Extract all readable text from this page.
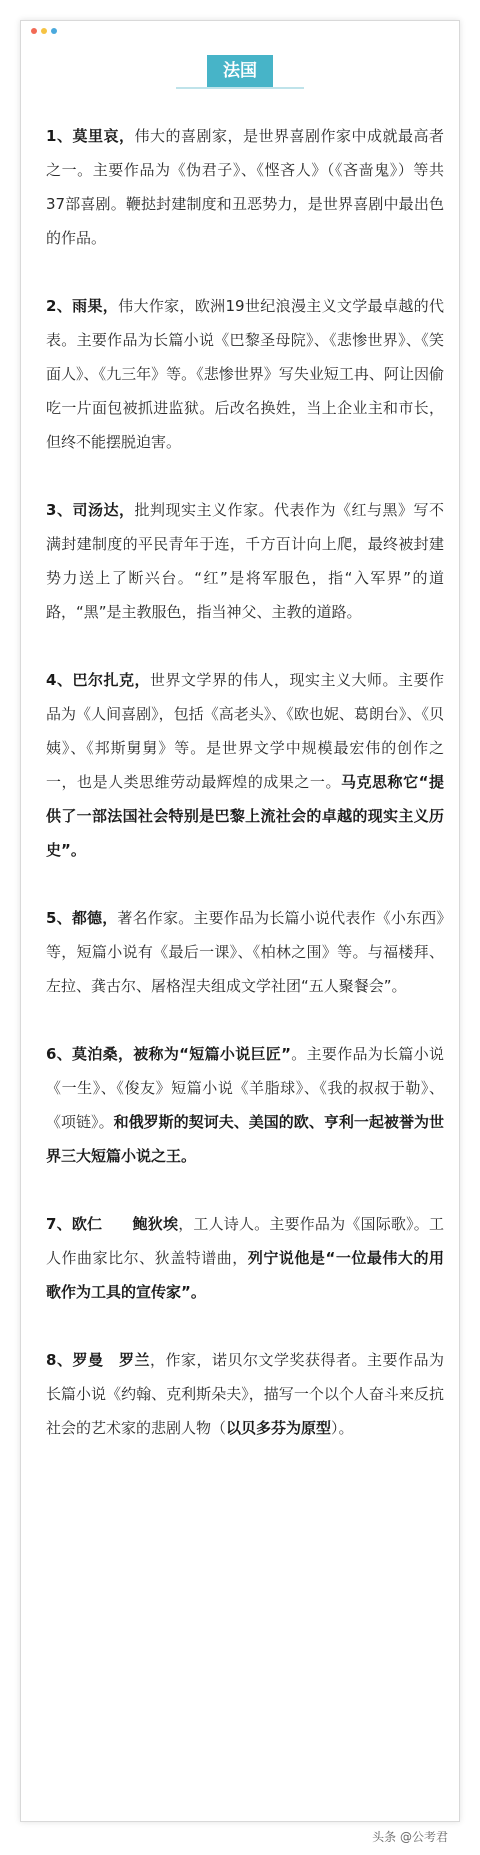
法国

1、莫里哀，伟大的喜剧家，是世界喜剧作家中成就最高者之一。主要作品为《伪君子》、《悭吝人》（《吝啬鬼》）等共37部喜剧。鞭挞封建制度和丑恶势力，是世界喜剧中最出色的作品。

2、雨果，伟大作家，欧洲19世纪浪漫主义文学最卓越的代表。主要作品为长篇小说《巴黎圣母院》、《悲惨世界》、《笑面人》、《九三年》等。《悲惨世界》写失业短工冉、阿让因偷吃一片面包被抓进监狱。后改名换姓，当上企业主和市长，但终不能摆脱迫害。

3、司汤达，批判现实主义作家。代表作为《红与黑》写不满封建制度的平民青年于连，千方百计向上爬，最终被封建势力送上了断兴台。“红”是将军服色，指“入军界”的道路，“黑”是主教服色，指当神父、主教的道路。

4、巴尔扎克，世界文学界的伟人，现实主义大师。主要作品为《人间喜剧》，包括《高老头》、《欧也妮、葛朗台》、《贝姨》、《邦斯舅舅》等。是世界文学中规模最宏伟的创作之一，也是人类思维劳动最辉煌的成果之一。马克思称它“提供了一部法国社会特别是巴黎上流社会的卓越的现实主义历史”。

5、都德，著名作家。主要作品为长篇小说代表作《小东西》等，短篇小说有《最后一课》、《柏林之围》等。与福楼拜、左拉、龚古尔、屠格涅夫组成文学社团“五人聚餐会”。

6、莫泊桑，被称为“短篇小说巨匠”。主要作品为长篇小说《一生》、《俊友》短篇小说《羊脂球》、《我的叔叔于勒》、《项链》。和俄罗斯的契诃夫、美国的欧、亨利一起被誉为世界三大短篇小说之王。

7、欧仁　　鲍狄埃，工人诗人。主要作品为《国际歌》。工人作曲家比尔、狄盖特谱曲，列宁说他是“一位最伟大的用歌作为工具的宣传家”。

8、罗曼　罗兰，作家，诺贝尔文学奖获得者。主要作品为长篇小说《约翰、克利斯朵夫》，描写一个以个人奋斗来反抗社会的艺术家的悲剧人物（以贝多芬为原型）。

头条 @公考君
